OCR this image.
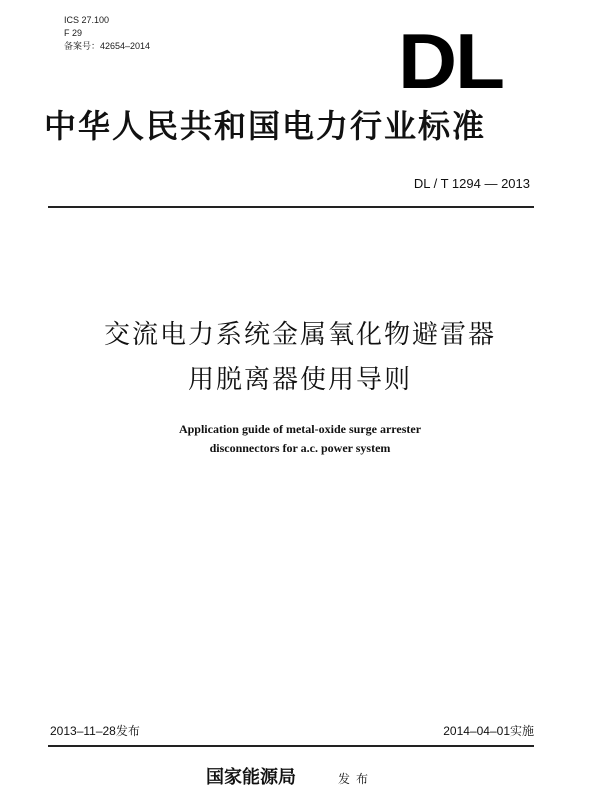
ICS 27.100
F 29
备案号：42654–2014	DL
中华人民共和国电力行业标准
DL / T 1294 — 2013
交流电力系统金属氧化物避雷器
用脱离器使用导则
Application guide of metal-oxide surge arrester
disconnectors for a.c. power system
2013–11–28发布	2014–04–01实施
国家能源局	发布
